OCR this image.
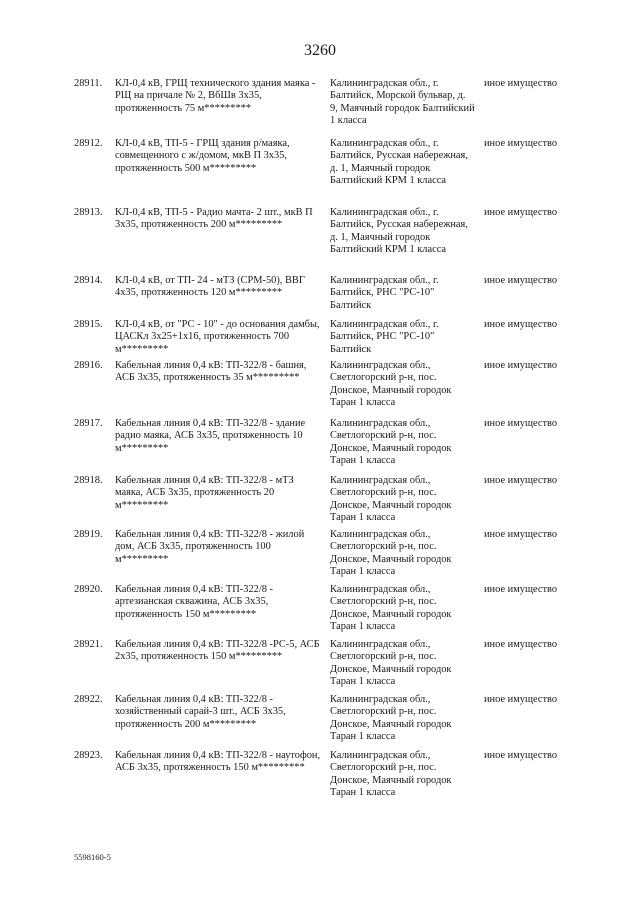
3260
28911. КЛ-0,4 кВ, ГРЩ технического здания маяка - РЩ на причале № 2, ВбШв 3х35, протяженность 75 м*********
Калининградская обл., г. Балтийск, Морской бульвар, д. 9, Маячный городок Балтийский 1 класса
иное имущество
28912. КЛ-0,4 кВ, ТП-5 - ГРЩ здания р/маяка, совмещенного с ж/домом, мкВ П 3х35, протяженность 500 м*********
Калининградская обл., г. Балтийск, Русская набережная, д. 1, Маячный городок Балтийский КРМ 1 класса
иное имущество
28913. КЛ-0,4 кВ, ТП-5 - Радио мачта- 2 шт., мкВ П 3х35, протяженность 200 м*********
Калининградская обл., г. Балтийск, Русская набережная, д. 1, Маячный городок Балтийский КРМ 1 класса
иное имущество
28914. КЛ-0,4 кВ, от ТП- 24 - мТЗ (СРМ-50), ВВГ 4х35, протяженность 120 м*********
Калининградская обл., г. Балтийск, РНС "РС-10" Балтийск
иное имущество
28915. КЛ-0,4 кВ, от "РС - 10" - до основания дамбы, ЦАСКл 3х25+1х16, протяженность 700 м*********
Калининградская обл., г. Балтийск, РНС "РС-10" Балтийск
иное имущество
28916. Кабельная линия 0,4 кВ: ТП-322/8 - башня, АСБ 3х35, протяженность 35 м*********
Калининградская обл., Светлогорский р-н, пос. Донское, Маячный городок Таран 1 класса
иное имущество
28917. Кабельная линия 0,4 кВ: ТП-322/8 - здание радио маяка, АСБ 3х35, протяженность 10 м*********
Калининградская обл., Светлогорский р-н, пос. Донское, Маячный городок Таран 1 класса
иное имущество
28918. Кабельная линия 0,4 кВ: ТП-322/8 - мТЗ маяка, АСБ 3х35, протяженность 20 м*********
Калининградская обл., Светлогорский р-н, пос. Донское, Маячный городок Таран 1 класса
иное имущество
28919. Кабельная линия 0,4 кВ: ТП-322/8 - жилой дом, АСБ 3х35, протяженность 100 м*********
Калининградская обл., Светлогорский р-н, пос. Донское, Маячный городок Таран 1 класса
иное имущество
28920. Кабельная линия 0,4 кВ: ТП-322/8 - артезианская скважина, АСБ 3х35, протяженность 150 м*********
Калининградская обл., Светлогорский р-н, пос. Донское, Маячный городок Таран 1 класса
иное имущество
28921. Кабельная линия 0,4 кВ: ТП-322/8 -РС-5, АСБ 2х35, протяженность 150 м*********
Калининградская обл., Светлогорский р-н, пос. Донское, Маячный городок Таран 1 класса
иное имущество
28922. Кабельная линия 0,4 кВ: ТП-322/8 - хозяйственный сарай-3 шт., АСБ 3х35, протяженность 200 м*********
Калининградская обл., Светлогорский р-н, пос. Донское, Маячный городок Таран 1 класса
иное имущество
28923. Кабельная линия 0,4 кВ: ТП-322/8 - наутофон, АСБ 3х35, протяженность 150 м*********
Калининградская обл., Светлогорский р-н, пос. Донское, Маячный городок Таран 1 класса
иное имущество
5598160-5
